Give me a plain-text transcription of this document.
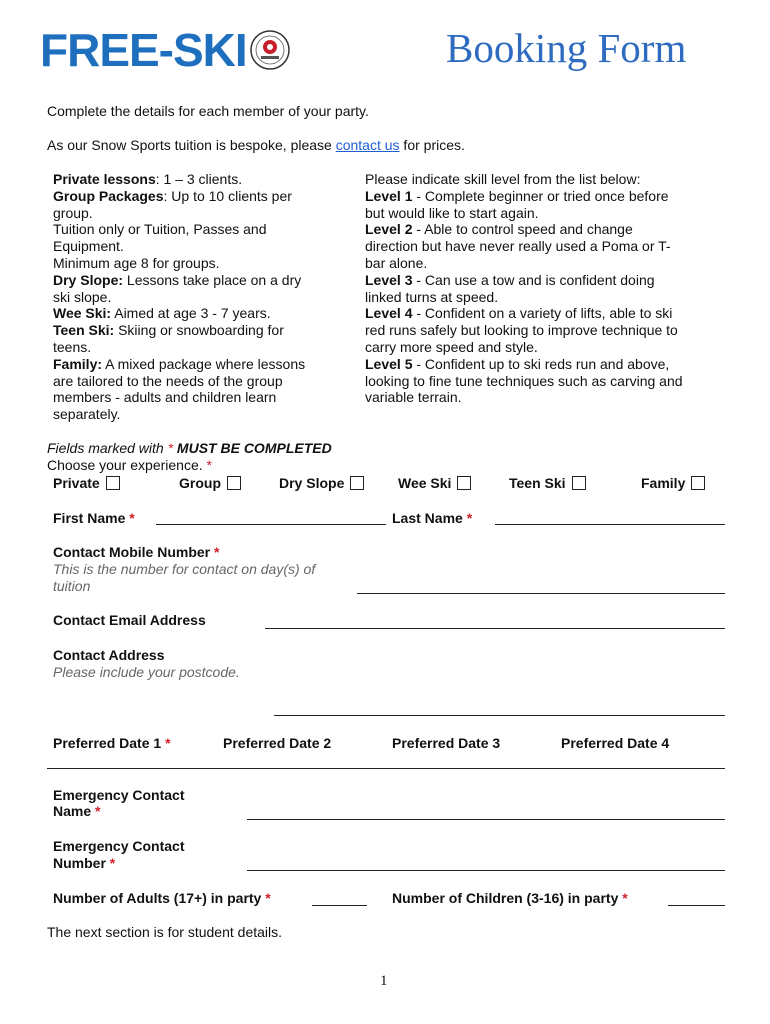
FREE-SKI	Booking Form
Complete the details for each member of your party.
As our Snow Sports tuition is bespoke, please contact us for prices.
Private lessons: 1 – 3 clients.
Group Packages: Up to 10 clients per
group.
Tuition only or Tuition, Passes and
Equipment.
Minimum age 8 for groups.
Dry Slope: Lessons take place on a dry
ski slope.
Wee Ski: Aimed at age 3 - 7 years.
Teen Ski: Skiing or snowboarding for
teens.
Family: A mixed package where lessons
are tailored to the needs of the group
members - adults and children learn
separately.
Please indicate skill level from the list below:
Level 1 - Complete beginner or tried once before
but would like to start again.
Level 2 - Able to control speed and change
direction but have never really used a Poma or T-
bar alone.
Level 3 - Can use a tow and is confident doing
linked turns at speed.
Level 4 - Confident on a variety of lifts, able to ski
red runs safely but looking to improve technique to
carry more speed and style.
Level 5 - Confident up to ski reds run and above,
looking to fine tune techniques such as carving and
variable terrain.
Fields marked with * MUST BE COMPLETED
Choose your experience. *
Private	Group	Dry Slope	Wee Ski	Teen Ski	Family
First Name *	Last Name *
Contact Mobile Number *
This is the number for contact on day(s) of
tuition
Contact Email Address
Contact Address
Please include your postcode.
Preferred Date 1 *	Preferred Date 2	Preferred Date 3	Preferred Date 4
Emergency Contact
Name *
Emergency Contact
Number *
Number of Adults (17+) in party *	Number of Children (3-16) in party *
The next section is for student details.
1
